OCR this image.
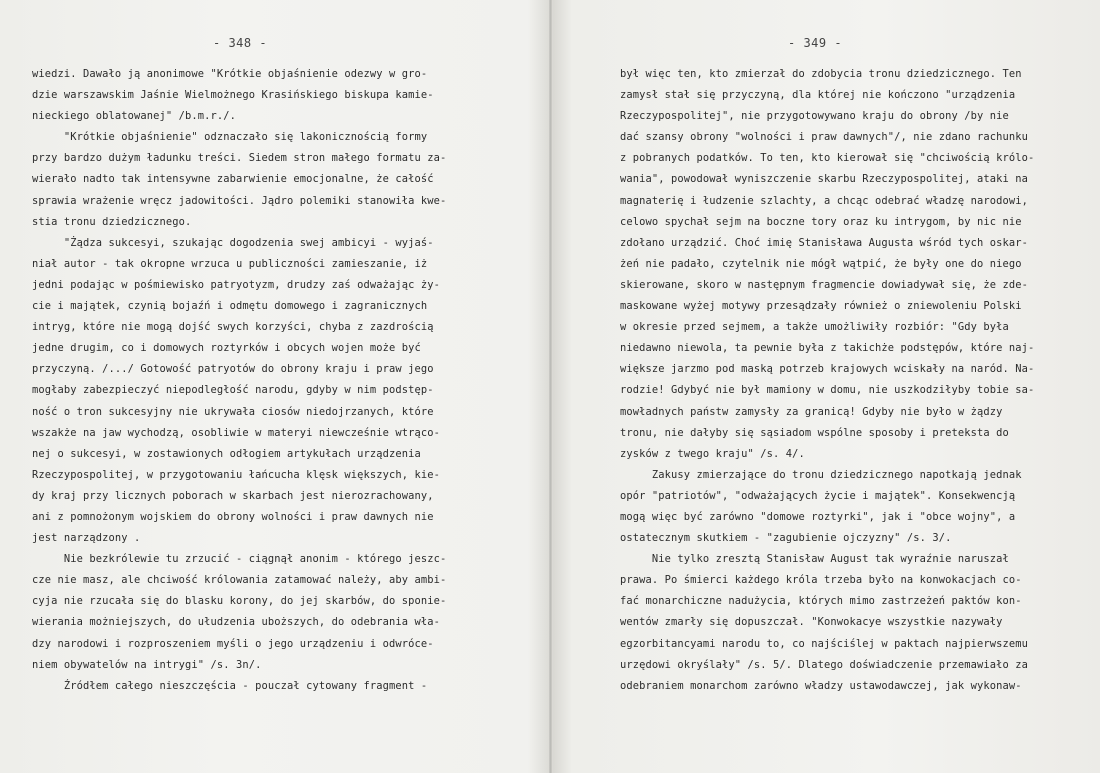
- 348 -
wiedzi. Dawało ją anonimowe "Krótkie objaśnienie odezwy w gro-
dzie warszawskim Jaśnie Wielmożnego Krasińskiego biskupa kamie-
nieckiego oblatowanej" /b.m.r./.
"Krótkie objaśnienie" odznaczało się lakonicznością formy
przy bardzo dużym ładunku treści. Siedem stron małego formatu za-
wierało nadto tak intensywne zabarwienie emocjonalne, że całość
sprawia wrażenie wręcz jadowitości. Jądro polemiki stanowiła kwe-
stia tronu dziedzicznego.
"Żądza sukcesyi, szukając dogodzenia swej ambicyi - wyjaś-
niał autor - tak okropne wrzuca u publiczności zamieszanie, iż
jedni podając w pośmiewisko patryotyzm, drudzy zaś odważając ży-
cie i majątek, czynią bojaźń i odmętu domowego i zagranicznych
intryg, które nie mogą dojść swych korzyści, chyba z zazdrością
jedne drugim, co i domowych roztyrków i obcych wojen może być
przyczyną. /.../ Gotowość patryotów do obrony kraju i praw jego
mogłaby zabezpieczyć niepodległość narodu, gdyby w nim podstęp-
ność o tron sukcesyjny nie ukrywała ciosów niedojrzanych, które
wszakże na jaw wychodzą, osobliwie w materyi niewcześnie wtrąco-
nej o sukcesyi, w zostawionych odłogiem artykułach urządzenia
Rzeczypospolitej, w przygotowaniu łańcucha klęsk większych, kie-
dy kraj przy licznych poborach w skarbach jest nierozrachowany,
ani z pomnożonym wojskiem do obrony wolności i praw dawnych nie
jest narządzony .
Nie bezkrólewie tu zrzucić - ciągnął anonim - którego jeszc-
cze nie masz, ale chciwość królowania zatamować należy, aby ambi-
cyja nie rzucała się do blasku korony, do jej skarbów, do sponie-
wierania możniejszych, do ułudzenia uboższych, do odebrania wła-
dzy narodowi i rozproszeniem myśli o jego urządzeniu i odwróce-
niem obywatelów na intrygi" /s. 3n/.
Źródłem całego nieszczęścia - pouczał cytowany fragment -
- 349 -
był więc ten, kto zmierzał do zdobycia tronu dziedzicznego. Ten
zamysł stał się przyczyną, dla której nie kończono "urządzenia
Rzeczypospolitej", nie przygotowywano kraju do obrony /by nie
dać szansy obrony "wolności i praw dawnych"/, nie zdano rachunku
z pobranych podatków. To ten, kto kierował się "chciwością królo-
wania", powodował wyniszczenie skarbu Rzeczypospolitej, ataki na
magnaterię i łudzenie szlachty, a chcąc odebrać władzę narodowi,
celowo spychał sejm na boczne tory oraz ku intrygom, by nic nie
zdołano urządzić. Choć imię Stanisława Augusta wśród tych oskar-
żeń nie padało, czytelnik nie mógł wątpić, że były one do niego
skierowane, skoro w następnym fragmencie dowiadywał się, że zde-
maskowane wyżej motywy przesądzały również o zniewoleniu Polski
w okresie przed sejmem, a także umożliwiły rozbiór: "Gdy była
niedawno niewola, ta pewnie była z takichże podstępów, które naj-
większe jarzmo pod maską potrzeb krajowych wciskały na naród. Na-
rodzie! Gdybyć nie był mamiony w domu, nie uszkodziłyby tobie sa-
mowładnych państw zamysły za granicą! Gdyby nie było w żądzy
tronu, nie dałyby się sąsiadom wspólne sposoby i preteksta do
zysków z twego kraju" /s. 4/.
Zakusy zmierzające do tronu dziedzicznego napotkają jednak
opór "patriotów", "odważających życie i majątek". Konsekwencją
mogą więc być zarówno "domowe roztyrki", jak i "obce wojny", a
ostatecznym skutkiem - "zagubienie ojczyzny" /s. 3/.
Nie tylko zresztą Stanisław August tak wyraźnie naruszał
prawa. Po śmierci każdego króla trzeba było na konwokacjach co-
fać monarchiczne nadużycia, których mimo zastrzeżeń paktów kon-
wentów zmarły się dopuszczał. "Konwokacye wszystkie nazywały
egzorbitancyami narodu to, co najściślej w paktach najpierwszemu
urzędowi okryślały" /s. 5/. Dlatego doświadczenie przemawiało za
odebraniem monarchom zarówno władzy ustawodawczej, jak wykonaw-
